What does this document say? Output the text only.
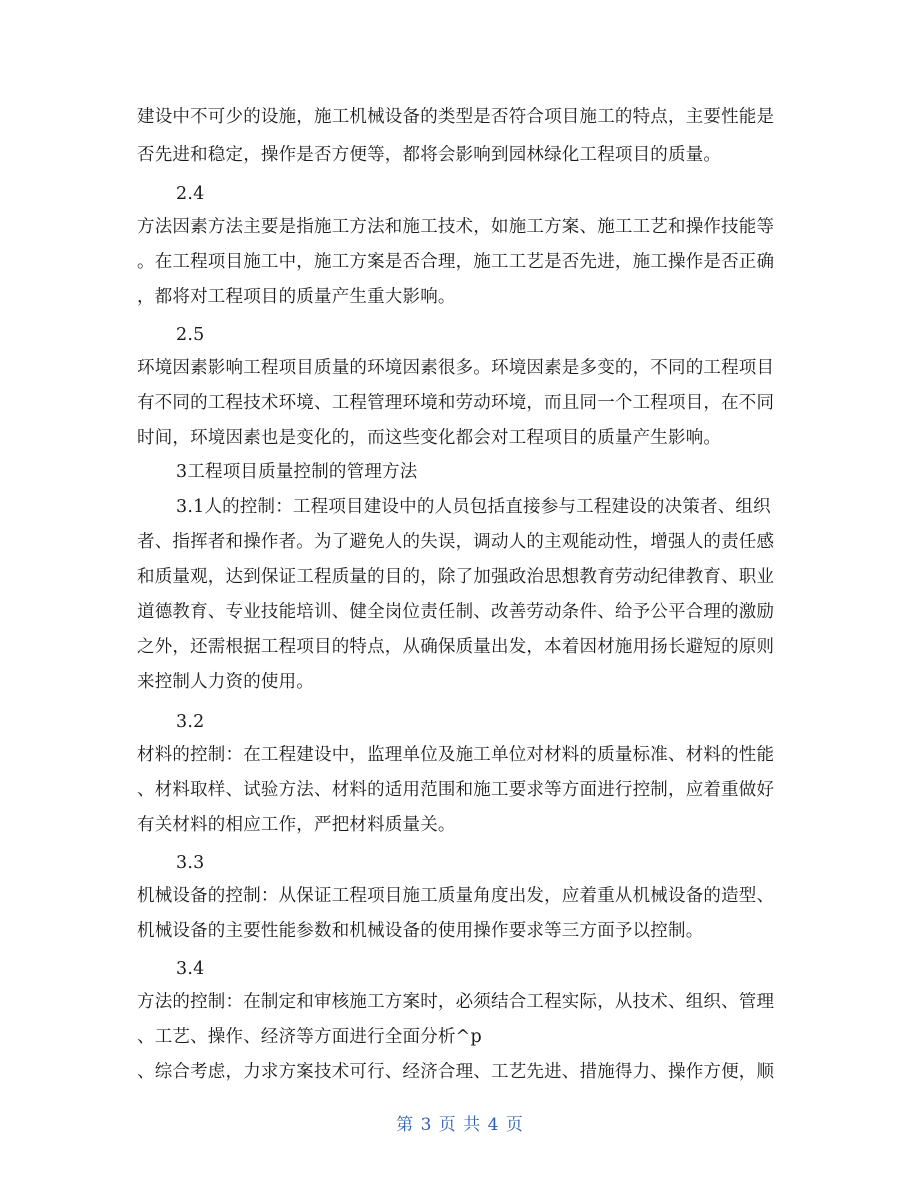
建设中不可少的设施，施工机械设备的类型是否符合项目施工的特点，主要性能是
否先进和稳定，操作是否方便等，都将会影响到园林绿化工程项目的质量。
2.4
方法因素方法主要是指施工方法和施工技术，如施工方案、施工工艺和操作技能等
。在工程项目施工中，施工方案是否合理，施工工艺是否先进，施工操作是否正确
，都将对工程项目的质量产生重大影响。
2.5
环境因素影响工程项目质量的环境因素很多。环境因素是多变的，不同的工程项目
有不同的工程技术环境、工程管理环境和劳动环境，而且同一个工程项目，在不同
时间，环境因素也是变化的，而这些变化都会对工程项目的质量产生影响。
3工程项目质量控制的管理方法
3.1人的控制：工程项目建设中的人员包括直接参与工程建设的决策者、组织
者、指挥者和操作者。为了避免人的失误，调动人的主观能动性，增强人的责任感
和质量观，达到保证工程质量的目的，除了加强政治思想教育劳动纪律教育、职业
道德教育、专业技能培训、健全岗位责任制、改善劳动条件、给予公平合理的激励
之外，还需根据工程项目的特点，从确保质量出发，本着因材施用扬长避短的原则
来控制人力资的使用。
3.2
材料的控制：在工程建设中，监理单位及施工单位对材料的质量标准、材料的性能
、材料取样、试验方法、材料的适用范围和施工要求等方面进行控制，应着重做好
有关材料的相应工作，严把材料质量关。
3.3
机械设备的控制：从保证工程项目施工质量角度出发，应着重从机械设备的造型、
机械设备的主要性能参数和机械设备的使用操作要求等三方面予以控制。
3.4
方法的控制：在制定和审核施工方案时，必须结合工程实际，从技术、组织、管理
、工艺、操作、经济等方面进行全面分析^p
、综合考虑，力求方案技术可行、经济合理、工艺先进、措施得力、操作方便，顺
第 3 页 共 4 页
